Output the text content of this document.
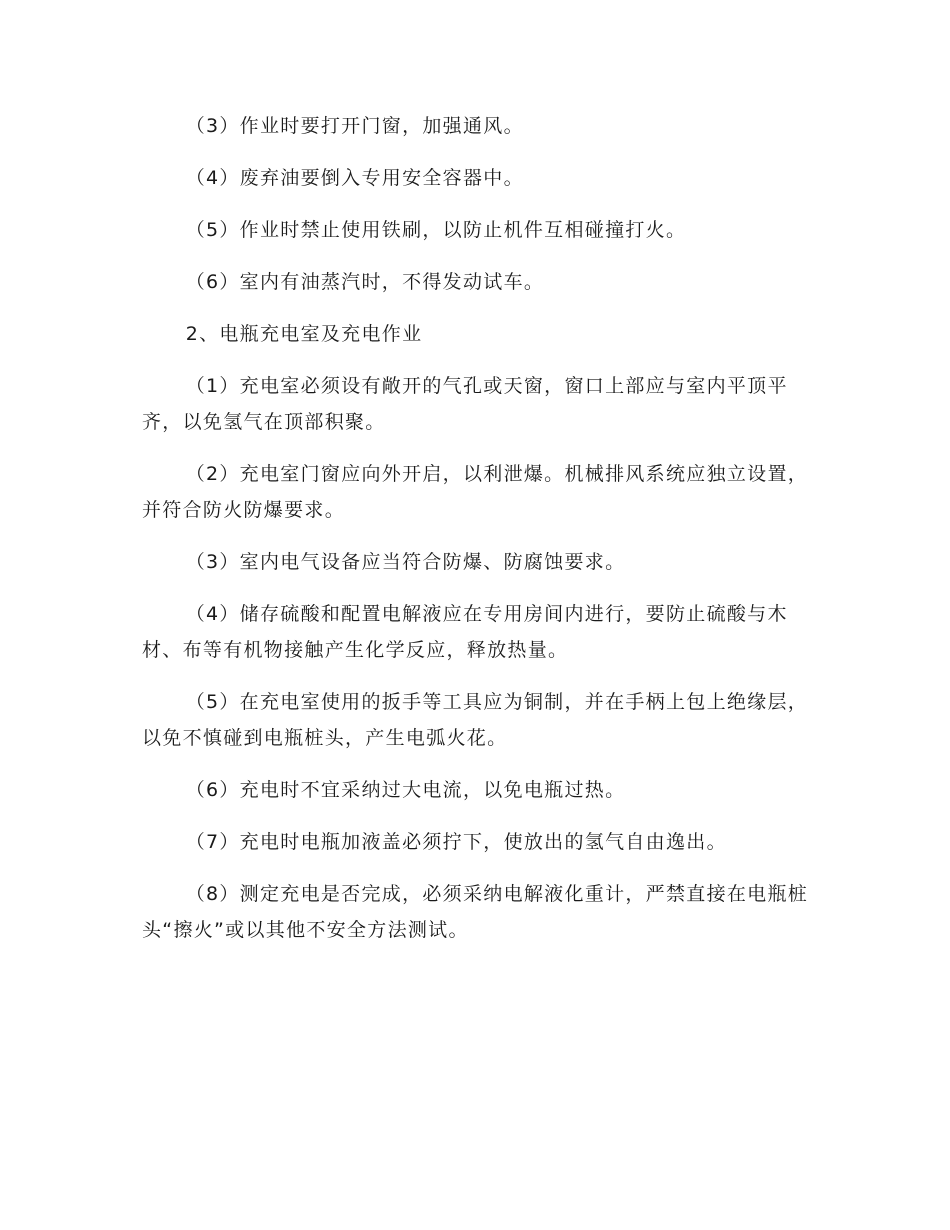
（3）作业时要打开门窗，加强通风。

（4）废弃油要倒入专用安全容器中。

（5）作业时禁止使用铁刷，以防止机件互相碰撞打火。

（6）室内有油蒸汽时，不得发动试车。

2、电瓶充电室及充电作业

（1）充电室必须设有敞开的气孔或天窗，窗口上部应与室内平顶平齐，以免氢气在顶部积聚。

（2）充电室门窗应向外开启，以利泄爆。机械排风系统应独立设置，并符合防火防爆要求。

（3）室内电气设备应当符合防爆、防腐蚀要求。

（4）储存硫酸和配置电解液应在专用房间内进行，要防止硫酸与木材、布等有机物接触产生化学反应，释放热量。

（5）在充电室使用的扳手等工具应为铜制，并在手柄上包上绝缘层，以免不慎碰到电瓶桩头，产生电弧火花。

（6）充电时不宜采纳过大电流，以免电瓶过热。

（7）充电时电瓶加液盖必须拧下，使放出的氢气自由逸出。

（8）测定充电是否完成，必须采纳电解液化重计，严禁直接在电瓶桩头“擦火”或以其他不安全方法测试。
